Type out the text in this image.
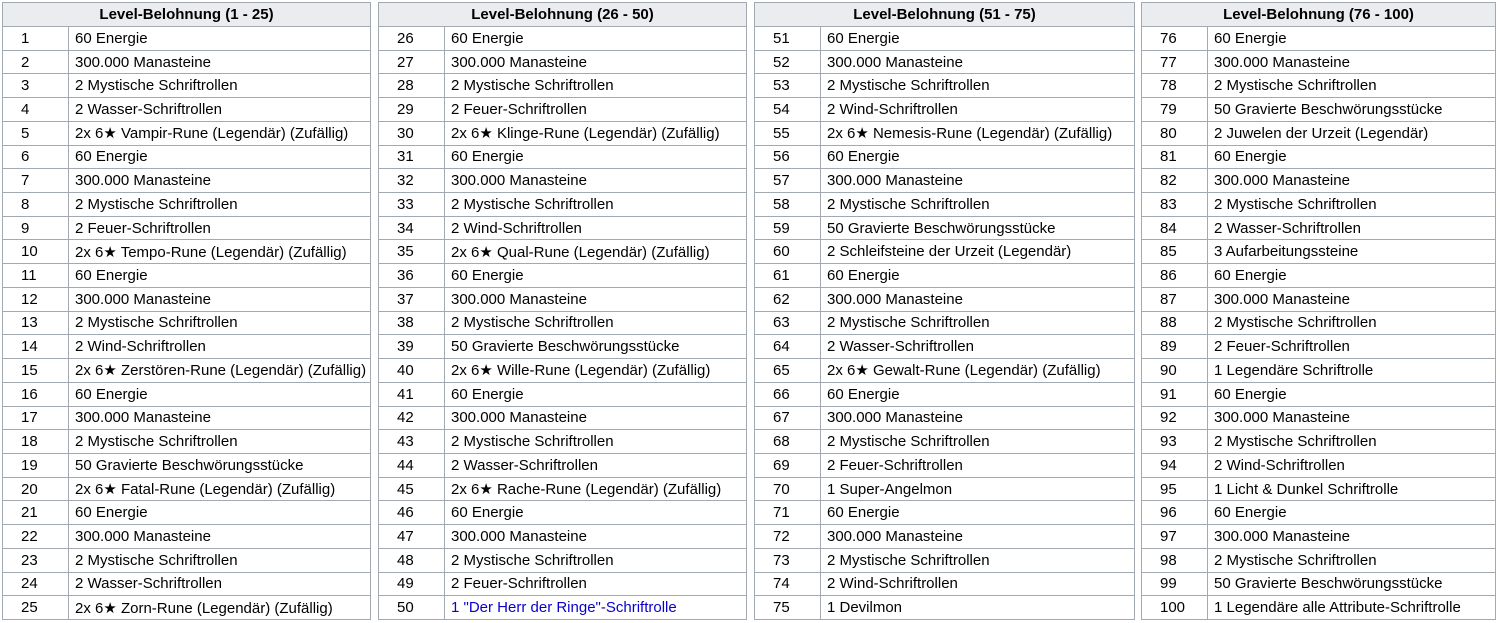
Level-Belohnung (1 - 25)	
1	60 Energie
2	300.000 Manasteine
3	2 Mystische Schriftrollen
4	2 Wasser-Schriftrollen
5	2x 6★ Vampir-Rune (Legendär) (Zufällig)
6	60 Energie
7	300.000 Manasteine
8	2 Mystische Schriftrollen
9	2 Feuer-Schriftrollen
10	2x 6★ Tempo-Rune (Legendär) (Zufällig)
11	60 Energie
12	300.000 Manasteine
13	2 Mystische Schriftrollen
14	2 Wind-Schriftrollen
15	2x 6★ Zerstören-Rune (Legendär) (Zufällig)
16	60 Energie
17	300.000 Manasteine
18	2 Mystische Schriftrollen
19	50 Gravierte Beschwörungsstücke
20	2x 6★ Fatal-Rune (Legendär) (Zufällig)
21	60 Energie
22	300.000 Manasteine
23	2 Mystische Schriftrollen
24	2 Wasser-Schriftrollen
25	2x 6★ Zorn-Rune (Legendär) (Zufällig)
Level-Belohnung (26 - 50)	
26	60 Energie
27	300.000 Manasteine
28	2 Mystische Schriftrollen
29	2 Feuer-Schriftrollen
30	2x 6★ Klinge-Rune (Legendär) (Zufällig)
31	60 Energie
32	300.000 Manasteine
33	2 Mystische Schriftrollen
34	2 Wind-Schriftrollen
35	2x 6★ Qual-Rune (Legendär) (Zufällig)
36	60 Energie
37	300.000 Manasteine
38	2 Mystische Schriftrollen
39	50 Gravierte Beschwörungsstücke
40	2x 6★ Wille-Rune (Legendär) (Zufällig)
41	60 Energie
42	300.000 Manasteine
43	2 Mystische Schriftrollen
44	2 Wasser-Schriftrollen
45	2x 6★ Rache-Rune (Legendär) (Zufällig)
46	60 Energie
47	300.000 Manasteine
48	2 Mystische Schriftrollen
49	2 Feuer-Schriftrollen
50	1 "Der Herr der Ringe"-Schriftrolle
Level-Belohnung (51 - 75)	
51	60 Energie
52	300.000 Manasteine
53	2 Mystische Schriftrollen
54	2 Wind-Schriftrollen
55	2x 6★ Nemesis-Rune (Legendär) (Zufällig)
56	60 Energie
57	300.000 Manasteine
58	2 Mystische Schriftrollen
59	50 Gravierte Beschwörungsstücke
60	2 Schleifsteine der Urzeit (Legendär)
61	60 Energie
62	300.000 Manasteine
63	2 Mystische Schriftrollen
64	2 Wasser-Schriftrollen
65	2x 6★ Gewalt-Rune (Legendär) (Zufällig)
66	60 Energie
67	300.000 Manasteine
68	2 Mystische Schriftrollen
69	2 Feuer-Schriftrollen
70	1 Super-Angelmon
71	60 Energie
72	300.000 Manasteine
73	2 Mystische Schriftrollen
74	2 Wind-Schriftrollen
75	1 Devilmon
Level-Belohnung (76 - 100)	
76	60 Energie
77	300.000 Manasteine
78	2 Mystische Schriftrollen
79	50 Gravierte Beschwörungsstücke
80	2 Juwelen der Urzeit (Legendär)
81	60 Energie
82	300.000 Manasteine
83	2 Mystische Schriftrollen
84	2 Wasser-Schriftrollen
85	3 Aufarbeitungssteine
86	60 Energie
87	300.000 Manasteine
88	2 Mystische Schriftrollen
89	2 Feuer-Schriftrollen
90	1 Legendäre Schriftrolle
91	60 Energie
92	300.000 Manasteine
93	2 Mystische Schriftrollen
94	2 Wind-Schriftrollen
95	1 Licht & Dunkel Schriftrolle
96	60 Energie
97	300.000 Manasteine
98	2 Mystische Schriftrollen
99	50 Gravierte Beschwörungsstücke
100	1 Legendäre alle Attribute-Schriftrolle
